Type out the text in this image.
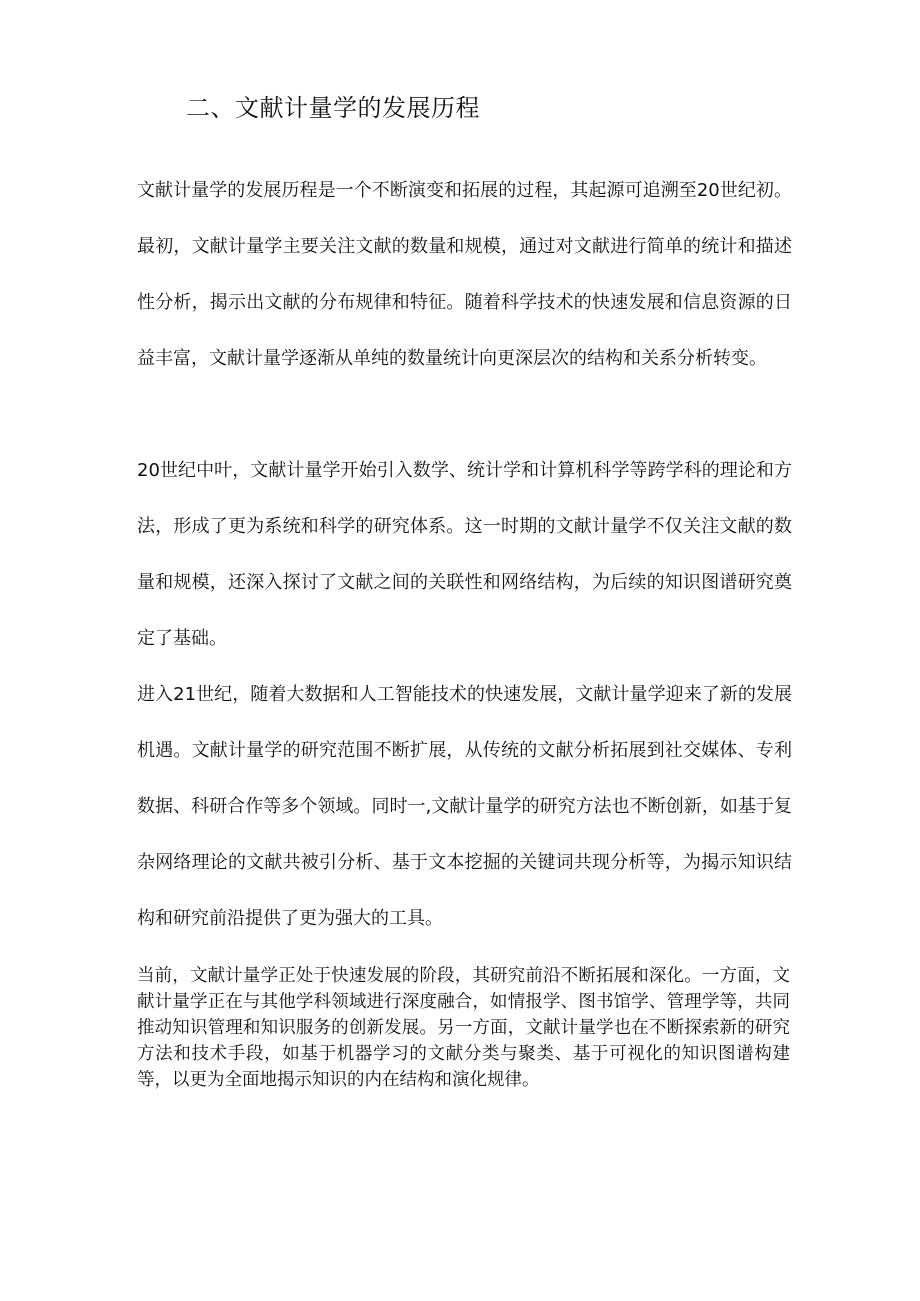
二、文献计量学的发展历程

文献计量学的发展历程是一个不断演变和拓展的过程，其起源可追溯至20世纪初。最初，文献计量学主要关注文献的数量和规模，通过对文献进行简单的统计和描述性分析，揭示出文献的分布规律和特征。随着科学技术的快速发展和信息资源的日益丰富，文献计量学逐渐从单纯的数量统计向更深层次的结构和关系分析转变。

20世纪中叶，文献计量学开始引入数学、统计学和计算机科学等跨学科的理论和方法，形成了更为系统和科学的研究体系。这一时期的文献计量学不仅关注文献的数量和规模，还深入探讨了文献之间的关联性和网络结构，为后续的知识图谱研究奠定了基础。

进入21世纪，随着大数据和人工智能技术的快速发展，文献计量学迎来了新的发展机遇。文献计量学的研究范围不断扩展，从传统的文献分析拓展到社交媒体、专利数据、科研合作等多个领域。同时一,文献计量学的研究方法也不断创新，如基于复杂网络理论的文献共被引分析、基于文本挖掘的关键词共现分析等，为揭示知识结构和研究前沿提供了更为强大的工具。

当前，文献计量学正处于快速发展的阶段，其研究前沿不断拓展和深化。一方面，文献计量学正在与其他学科领域进行深度融合，如情报学、图书馆学、管理学等，共同推动知识管理和知识服务的创新发展。另一方面，文献计量学也在不断探索新的研究方法和技术手段，如基于机器学习的文献分类与聚类、基于可视化的知识图谱构建等，以更为全面地揭示知识的内在结构和演化规律。
